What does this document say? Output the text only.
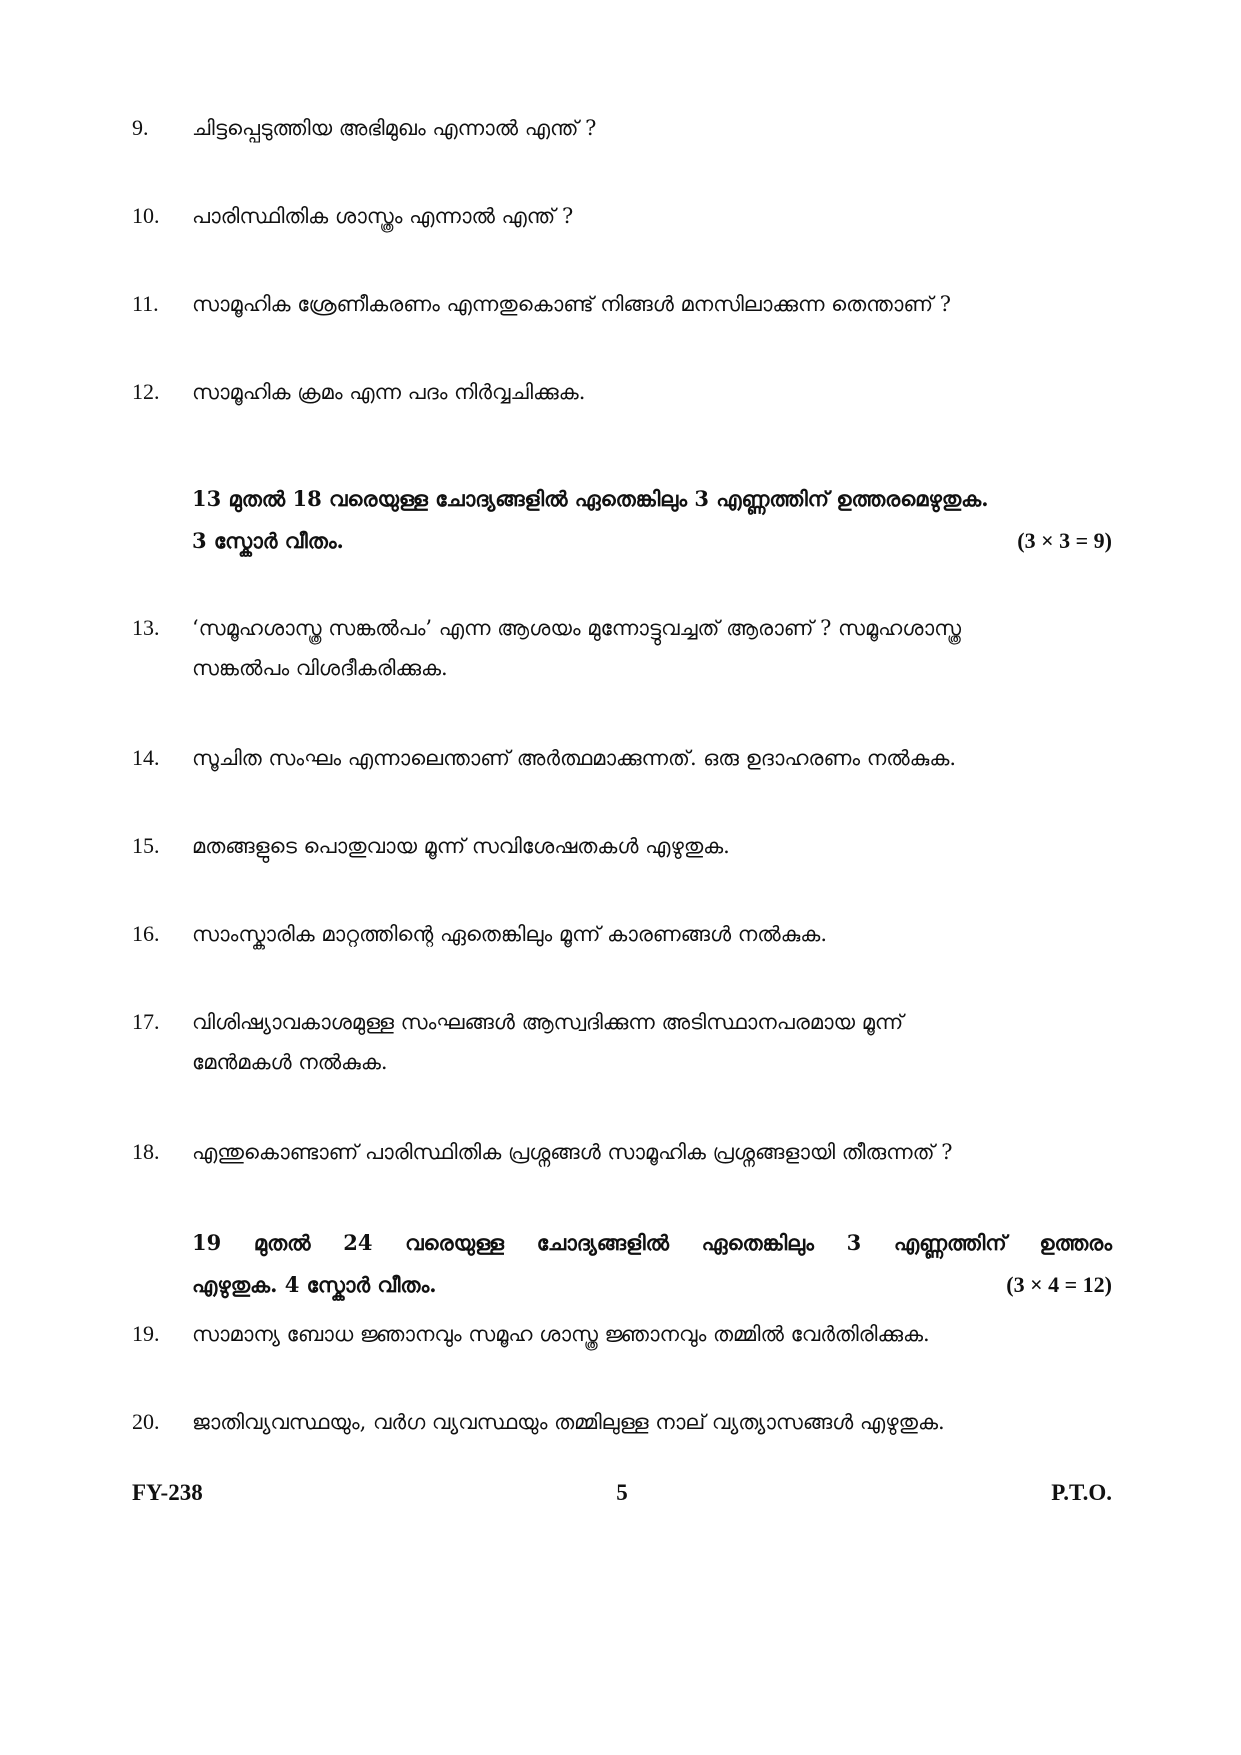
9. ചിട്ടപ്പെടുത്തിയ അഭിമുഖം എന്നാൽ എന്ത് ?
10. പാരിസ്ഥിതിക ശാസ്ത്രം എന്നാൽ എന്ത് ?
11. സാമൂഹിക ശ്രേണീകരണം എന്നതുകൊണ്ട് നിങ്ങൾ മനസിലാക്കുന്ന തെന്താണ് ?
12. സാമൂഹിക ക്രമം എന്ന പദം നിർവ്വചിക്കുക.
13 മുതൽ 18 വരെയുള്ള ചോദ്യങ്ങളിൽ ഏതെങ്കിലും 3 എണ്ണത്തിന് ഉത്തരമെഴുതുക.
3 സ്കോർ വീതം.	(3 × 3 = 9)
13. ‘സമൂഹശാസ്ത്ര സങ്കൽപം’ എന്ന ആശയം മുന്നോട്ടുവച്ചത് ആരാണ് ? സമൂഹശാസ്ത്ര
സങ്കൽപം വിശദീകരിക്കുക.
14. സൂചിത സംഘം എന്നാലെന്താണ് അർത്ഥമാക്കുന്നത്. ഒരു ഉദാഹരണം നൽകുക.
15. മതങ്ങളുടെ പൊതുവായ മൂന്ന് സവിശേഷതകൾ എഴുതുക.
16. സാംസ്കാരിക മാറ്റത്തിന്റെ ഏതെങ്കിലും മൂന്ന് കാരണങ്ങൾ നൽകുക.
17. വിശിഷ്യാവകാശമുള്ള സംഘങ്ങൾ ആസ്വദിക്കുന്ന അടിസ്ഥാനപരമായ മൂന്ന്
മേൻമകൾ നൽകുക.
18. എന്തുകൊണ്ടാണ് പാരിസ്ഥിതിക പ്രശ്നങ്ങൾ സാമൂഹിക പ്രശ്നങ്ങളായി തീരുന്നത് ?
19 മുതൽ 24 വരെയുള്ള ചോദ്യങ്ങളിൽ ഏതെങ്കിലും 3 എണ്ണത്തിന് ഉത്തരം
എഴുതുക. 4 സ്കോർ വീതം.	(3 × 4 = 12)
19. സാമാന്യ ബോധ ജ്ഞാനവും സമൂഹ ശാസ്ത്ര ജ്ഞാനവും തമ്മിൽ വേർതിരിക്കുക.
20. ജാതിവ്യവസ്ഥയും, വർഗ വ്യവസ്ഥയും തമ്മിലുള്ള നാല് വ്യത്യാസങ്ങൾ എഴുതുക.
FY-238	5	P.T.O.
